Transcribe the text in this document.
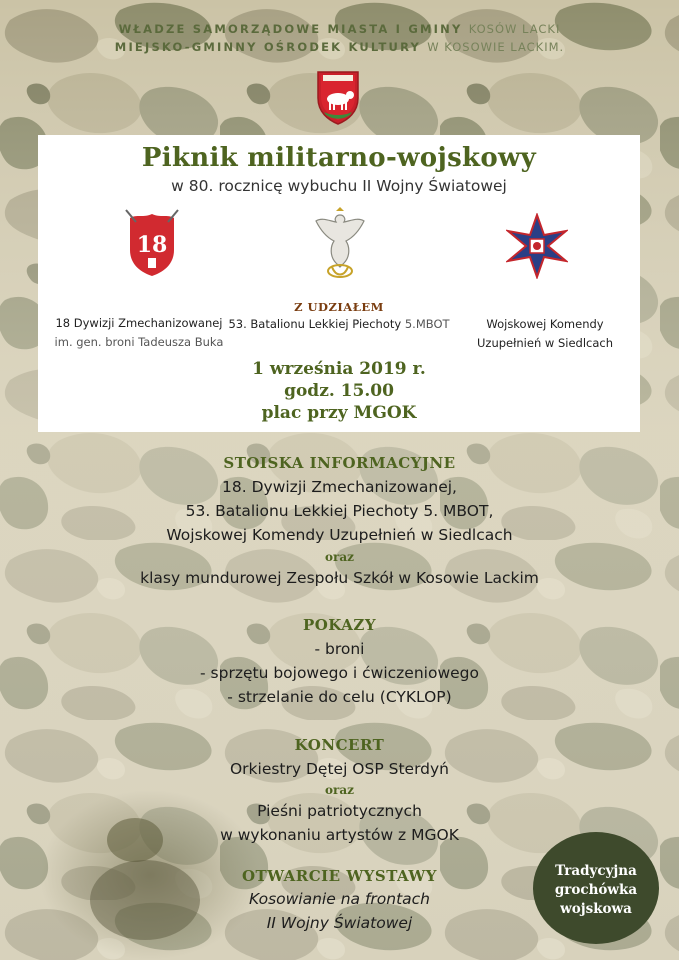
WŁADZE SAMORZĄDOWE MIASTA I GMINY KOSÓW LACKI
MIEJSKO-GMINNY OŚRODEK KULTURY W KOSOWIE LACKIM.
Piknik militarno-wojskowy
w 80. rocznicę wybuchu II Wojny Światowej
18
Z UDZIAŁEM
18 Dywizji Zmechanizowanej
im. gen. broni Tadeusza Buka
53. Batalionu Lekkiej Piechoty 5.MBOT	Wojskowej Komendy
Uzupełnień w Siedlcach
1 września 2019 r.
godz. 15.00
plac przy MGOK
STOISKA INFORMACYJNE
18. Dywizji Zmechanizowanej,
53. Batalionu Lekkiej Piechoty 5. MBOT,
Wojskowej Komendy Uzupełnień w Siedlcach
oraz
klasy mundurowej Zespołu Szkół w Kosowie Lackim
POKAZY
- broni
- sprzętu bojowego i ćwiczeniowego
- strzelanie do celu (CYKLOP)
KONCERT
Orkiestry Dętej OSP Sterdyń
oraz
Pieśni patriotycznych
w wykonaniu artystów z MGOK
OTWARCIE WYSTAWY
Kosowianie na frontach
II Wojny Światowej
Tradycyjna
grochówka
wojskowa
